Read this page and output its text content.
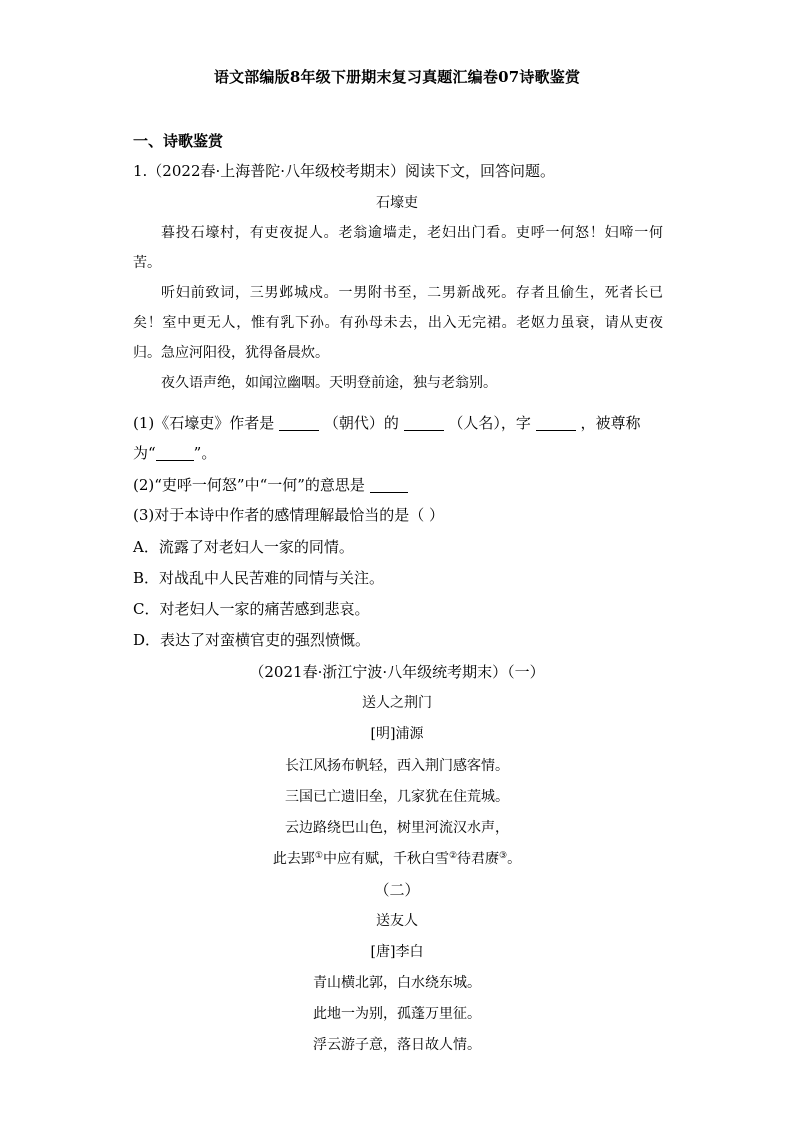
语文部编版8年级下册期末复习真题汇编卷07诗歌鉴赏
一、诗歌鉴赏
1.（2022春·上海普陀·八年级校考期末）阅读下文，回答问题。
石壕吏

暮投石壕村，有吏夜捉人。老翁逾墙走，老妇出门看。吏呼一何怒！妇啼一何苦。

听妇前致词，三男邺城戍。一男附书至，二男新战死。存者且偷生，死者长已矣！室中更无人，惟有乳下孙。有孙母未去，出入无完裙。老妪力虽衰，请从吏夜归。急应河阳役，犹得备晨炊。

夜久语声绝，如闻泣幽咽。天明登前途，独与老翁别。

(1)《石壕吏》作者是	（朝代）的	（人名），字	，被尊称
为“	”。
(2)“吏呼一何怒”中“一何”的意思是
(3)对于本诗中作者的感情理解最恰当的是（ ）
A．流露了对老妇人一家的同情。
B．对战乱中人民苦难的同情与关注。
C．对老妇人一家的痛苦感到悲哀。
D．表达了对蛮横官吏的强烈愤慨。
（2021春·浙江宁波·八年级统考期末）（一）
送人之荆门
[明]浦源
长江风扬布帆轻，西入荆门感客情。
三国已亡遗旧垒，几家犹在住荒城。
云边路绕巴山色，树里河流汉水声，
此去郢①中应有赋，千秋白雪②待君赓③。
（二）
送友人
[唐]李白
青山横北郭，白水绕东城。
此地一为别，孤蓬万里征。
浮云游子意，落日故人情。
